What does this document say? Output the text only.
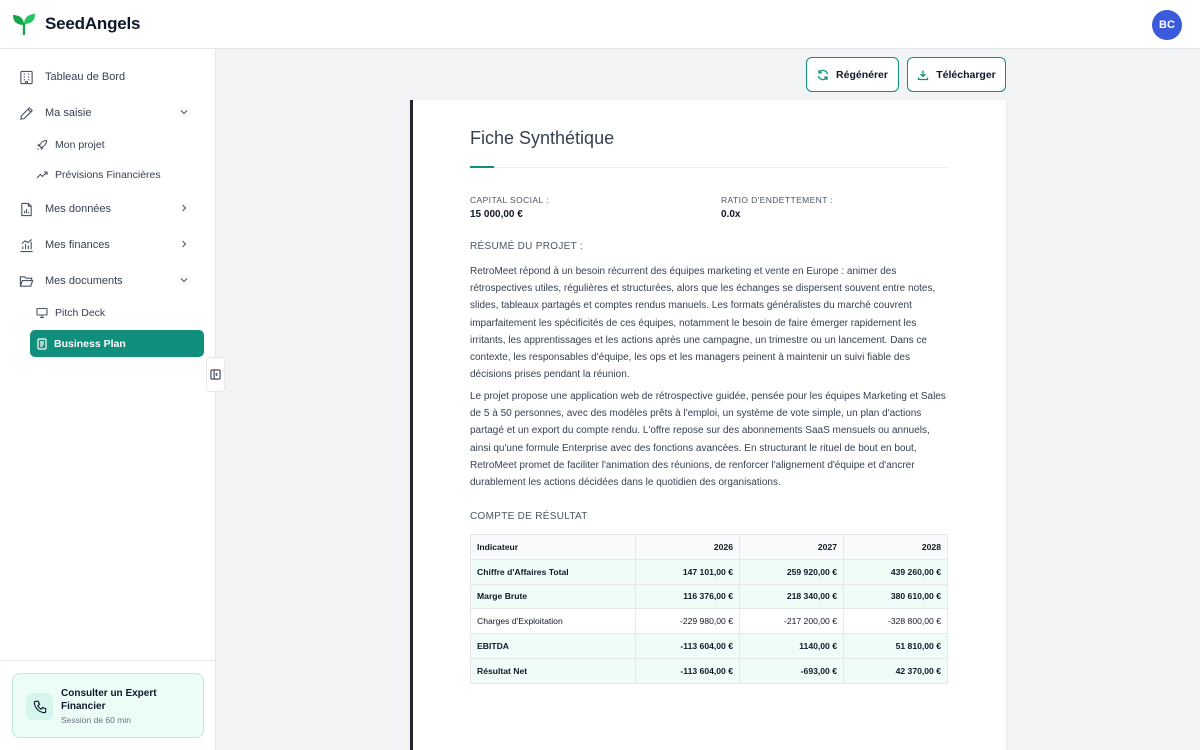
SeedAngels	BC
Tableau de Bord
Ma saisie
Mon projet
Prévisions Financières
Mes données
Mes finances
Mes documents
Pitch Deck
Business Plan
Consulter un Expert Financier
Session de 60 min
Régénérer	Télécharger
Fiche Synthétique
CAPITAL SOCIAL :
15 000,00 €
RATIO D'ENDETTEMENT :
0.0x
RÉSUMÉ DU PROJET :
RetroMeet répond à un besoin récurrent des équipes marketing et vente en Europe : animer des rétrospectives utiles, régulières et structurées, alors que les échanges se dispersent souvent entre notes, slides, tableaux partagés et comptes rendus manuels. Les formats généralistes du marché couvrent imparfaitement les spécificités de ces équipes, notamment le besoin de faire émerger rapidement les irritants, les apprentissages et les actions après une campagne, un trimestre ou un lancement. Dans ce contexte, les responsables d'équipe, les ops et les managers peinent à maintenir un suivi fiable des décisions prises pendant la réunion.
Le projet propose une application web de rétrospective guidée, pensée pour les équipes Marketing et Sales de 5 à 50 personnes, avec des modèles prêts à l'emploi, un système de vote simple, un plan d'actions partagé et un export du compte rendu. L'offre repose sur des abonnements SaaS mensuels ou annuels, ainsi qu'une formule Enterprise avec des fonctions avancées. En structurant le rituel de bout en bout, RetroMeet promet de faciliter l'animation des réunions, de renforcer l'alignement d'équipe et d'ancrer durablement les actions décidées dans le quotidien des organisations.
COMPTE DE RÉSULTAT
Indicateur	2026	2027	2028
Chiffre d'Affaires Total	147 101,00 €	259 920,00 €	439 260,00 €
Marge Brute	116 376,00 €	218 340,00 €	380 610,00 €
Charges d'Exploitation	-229 980,00 €	-217 200,00 €	-328 800,00 €
EBITDA	-113 604,00 €	1140,00 €	51 810,00 €
Résultat Net	-113 604,00 €	-693,00 €	42 370,00 €
